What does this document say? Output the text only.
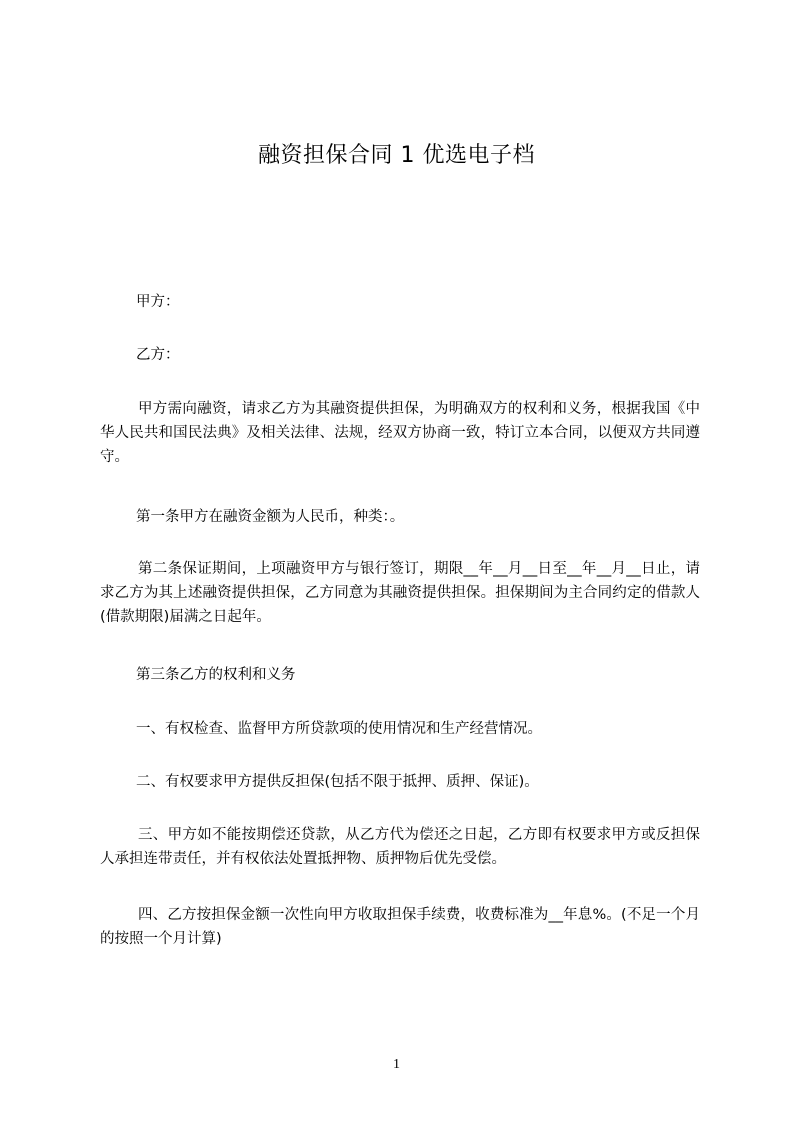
融资担保合同 1 优选电子档

甲方：

乙方：

甲方需向融资，请求乙方为其融资提供担保，为明确双方的权利和义务，根据我国《中华人民共和国民法典》及相关法律、法规，经双方协商一致，特订立本合同，以便双方共同遵守。

第一条甲方在融资金额为人民币，种类：。

第二条保证期间，上项融资甲方与银行签订，期限__年__月__日至__年__月__日止，请求乙方为其上述融资提供担保，乙方同意为其融资提供担保。担保期间为主合同约定的借款人(借款期限)届满之日起年。

第三条乙方的权利和义务

一、有权检查、监督甲方所贷款项的使用情况和生产经营情况。

二、有权要求甲方提供反担保(包括不限于抵押、质押、保证)。

三、甲方如不能按期偿还贷款，从乙方代为偿还之日起，乙方即有权要求甲方或反担保人承担连带责任，并有权依法处置抵押物、质押物后优先受偿。

四、乙方按担保金额一次性向甲方收取担保手续费，收费标准为__年息%。(不足一个月的按照一个月计算)

1
